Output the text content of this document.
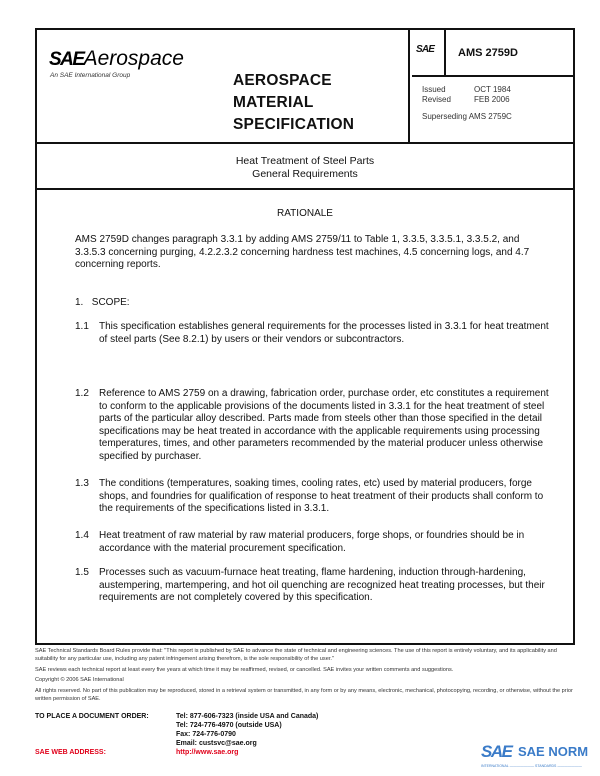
SAEAerospace
An SAE International Group	AEROSPACE
MATERIAL
SPECIFICATION
SAE AMS 2759D
Issued	OCT 1984
Revised	FEB 2006
Superseding AMS 2759C
Heat Treatment of Steel Parts
General Requirements
RATIONALE
AMS 2759D changes paragraph 3.3.1 by adding AMS 2759/11 to Table 1, 3.3.5, 3.3.5.1, 3.3.5.2, and 3.3.5.3 concerning purging, 4.2.2.3.2 concerning hardness test machines, 4.5 concerning logs, and 4.7 concerning reports.
1. SCOPE:
1.1	This specification establishes general requirements for the processes listed in 3.3.1 for heat treatment of steel parts (See 8.2.1) by users or their vendors or subcontractors.
1.2	Reference to AMS 2759 on a drawing, fabrication order, purchase order, etc constitutes a requirement to conform to the applicable provisions of the documents listed in 3.3.1 for the heat treatment of steel parts of the particular alloy described. Parts made from steels other than those specified in the detail specifications may be heat treated in accordance with the applicable requirements using processing temperatures, times, and other parameters recommended by the material producer unless otherwise specified by purchaser.
1.3	The conditions (temperatures, soaking times, cooling rates, etc) used by material producers, forge shops, and foundries for qualification of response to heat treatment of their products shall conform to the requirements of the specifications listed in 3.3.1.
1.4	Heat treatment of raw material by raw material producers, forge shops, or foundries should be in accordance with the material procurement specification.
1.5	Processes such as vacuum-furnace heat treating, flame hardening, induction through-hardening, austempering, martempering, and hot oil quenching are recognized heat treating processes, but their requirements are not completely covered by this specification.

SAE Technical Standards Board Rules provide that: "This report is published by SAE to advance the state of technical and engineering sciences. The use of this report is entirely voluntary, and its applicability and suitability for any particular use, including any patent infringement arising therefrom, is the sole responsibility of the user."

SAE reviews each technical report at least every five years at which time it may be reaffirmed, revised, or cancelled. SAE invites your written comments and suggestions.

Copyright © 2006 SAE International

All rights reserved. No part of this publication may be reproduced, stored in a retrieval system or transmitted, in any form or by any means, electronic, mechanical, photocopying, recording, or otherwise, without the prior written permission of SAE.

TO PLACE A DOCUMENT ORDER:
SAE WEB ADDRESS:
Tel: 877-606-7323 (inside USA and Canada)
Tel: 724-776-4970 (outside USA)
Fax: 724-776-0790
Email: custsvc@sae.org
http://www.sae.org	SAE SAE NORM
INTERNATIONAL ——————— STANDARDS ———————
